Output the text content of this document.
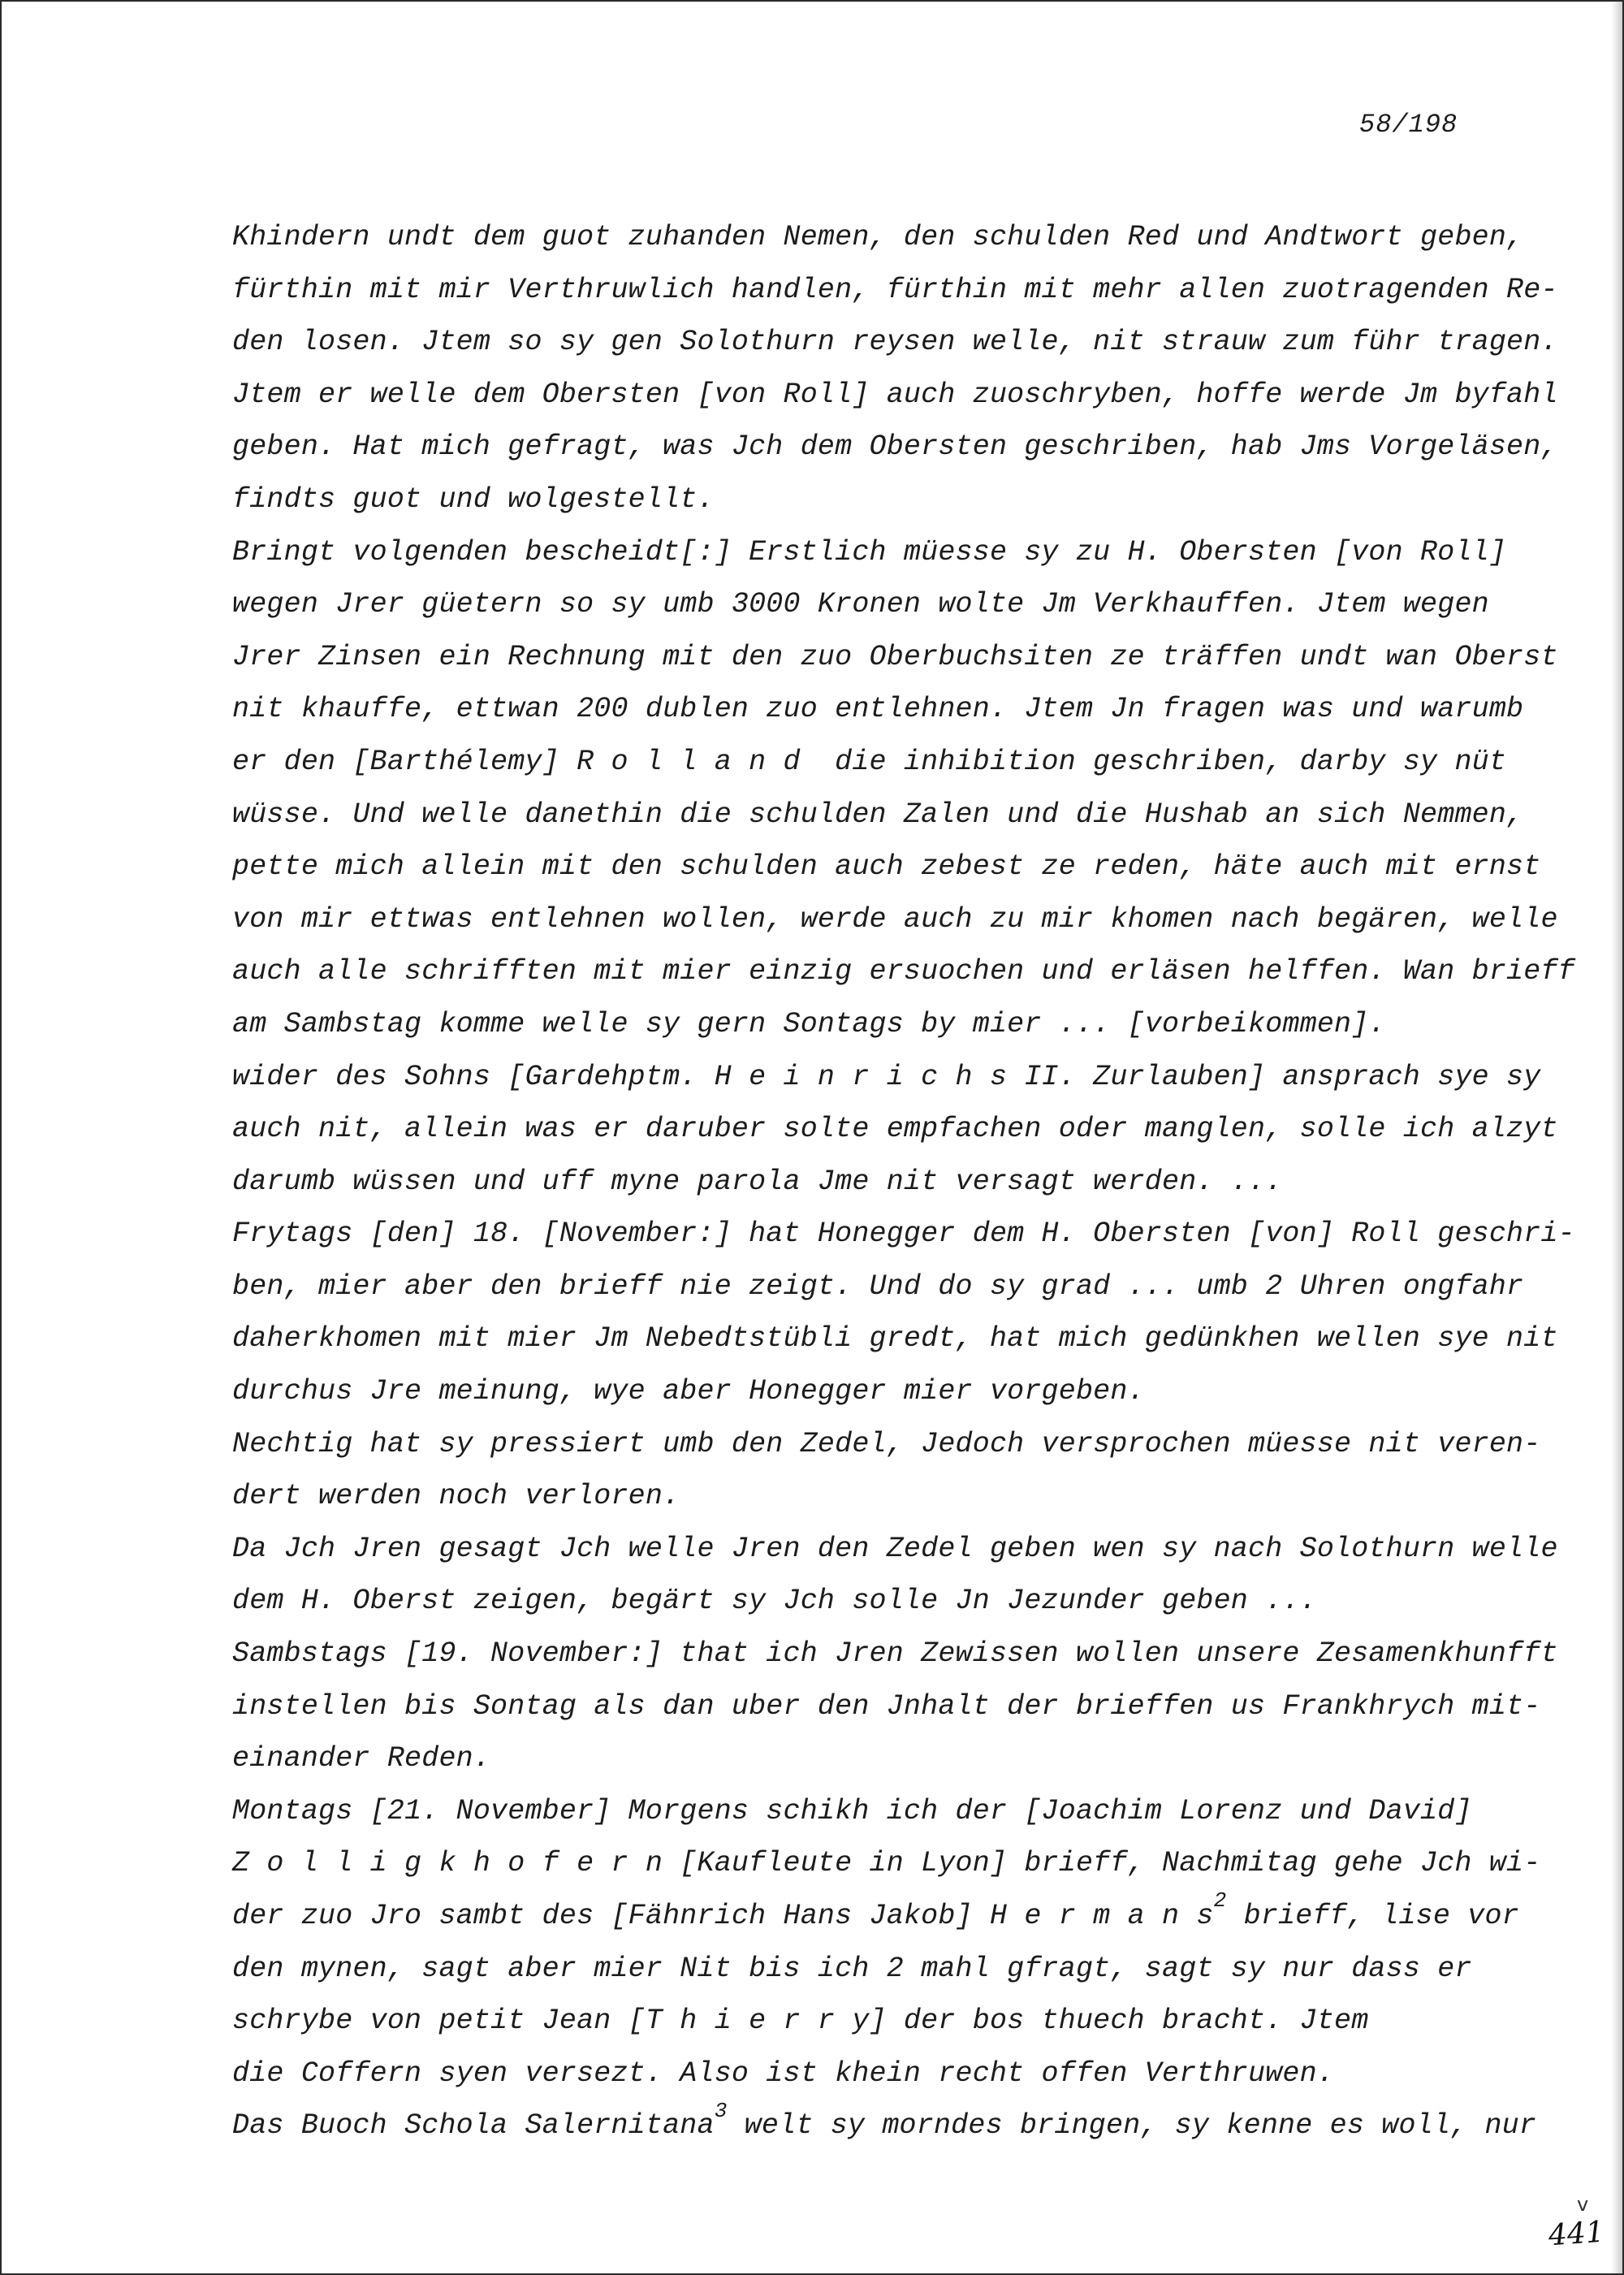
58/198
Khindern undt dem guot zuhanden Nemen, den schulden Red und Andtwort geben,
fürthin mit mir Verthruwlich handlen, fürthin mit mehr allen zuotragenden Re-
den losen. Jtem so sy gen Solothurn reysen welle, nit strauw zum führ tragen.
Jtem er welle dem Obersten [von Roll] auch zuoschryben, hoffe werde Jm byfahl
geben. Hat mich gefragt, was Jch dem Obersten geschriben, hab Jms Vorgeläsen,
findts guot und wolgestellt.
Bringt volgenden bescheidt[:] Erstlich müesse sy zu H. Obersten [von Roll]
wegen Jrer güetern so sy umb 3000 Kronen wolte Jm Verkhauffen. Jtem wegen
Jrer Zinsen ein Rechnung mit den zuo Oberbuchsiten ze träffen undt wan Oberst
nit khauffe, ettwan 200 dublen zuo entlehnen. Jtem Jn fragen was und warumb
er den [Barthélemy] R o l l a n d  die inhibition geschriben, darby sy nüt
wüsse. Und welle danethin die schulden Zalen und die Hushab an sich Nemmen,
pette mich allein mit den schulden auch zebest ze reden, häte auch mit ernst
von mir ettwas entlehnen wollen, werde auch zu mir khomen nach begären, welle
auch alle schrifften mit mier einzig ersuochen und erläsen helffen. Wan brieff
am Sambstag komme welle sy gern Sontags by mier ... [vorbeikommen].
wider des Sohns [Gardehptm. H e i n r i c h s II. Zurlauben] ansprach sye sy
auch nit, allein was er daruber solte empfachen oder manglen, solle ich alzyt
darumb wüssen und uff myne parola Jme nit versagt werden. ...
Frytags [den] 18. [November:] hat Honegger dem H. Obersten [von] Roll geschri-
ben, mier aber den brieff nie zeigt. Und do sy grad ... umb 2 Uhren ongfahr
daherkhomen mit mier Jm Nebedtstübli gredt, hat mich gedünkhen wellen sye nit
durchus Jre meinung, wye aber Honegger mier vorgeben.
Nechtig hat sy pressiert umb den Zedel, Jedoch versprochen müesse nit veren-
dert werden noch verloren.
Da Jch Jren gesagt Jch welle Jren den Zedel geben wen sy nach Solothurn welle
dem H. Oberst zeigen, begärt sy Jch solle Jn Jezunder geben ...
Sambstags [19. November:] that ich Jren Zewissen wollen unsere Zesamenkhunfft
instellen bis Sontag als dan uber den Jnhalt der brieffen us Frankhrych mit-
einander Reden.
Montags [21. November] Morgens schikh ich der [Joachim Lorenz und David]
Z o l l i g k h o f e r n [Kaufleute in Lyon] brieff, Nachmitag gehe Jch wi-
der zuo Jro sambt des [Fähnrich Hans Jakob] H e r m a n $s^2$ brieff, lise vor
den mynen, sagt aber mier Nit bis ich 2 mahl gfragt, sagt sy nur dass er
schrybe von petit Jean [T h i e r r y] der bos thuech bracht. Jtem
die Coffern syen versezt. Also ist khein recht offen Verthruwen.
Das Buoch Schola Salernitana$^3$ welt sy morndes bringen, sy kenne es woll, nur
v
441
